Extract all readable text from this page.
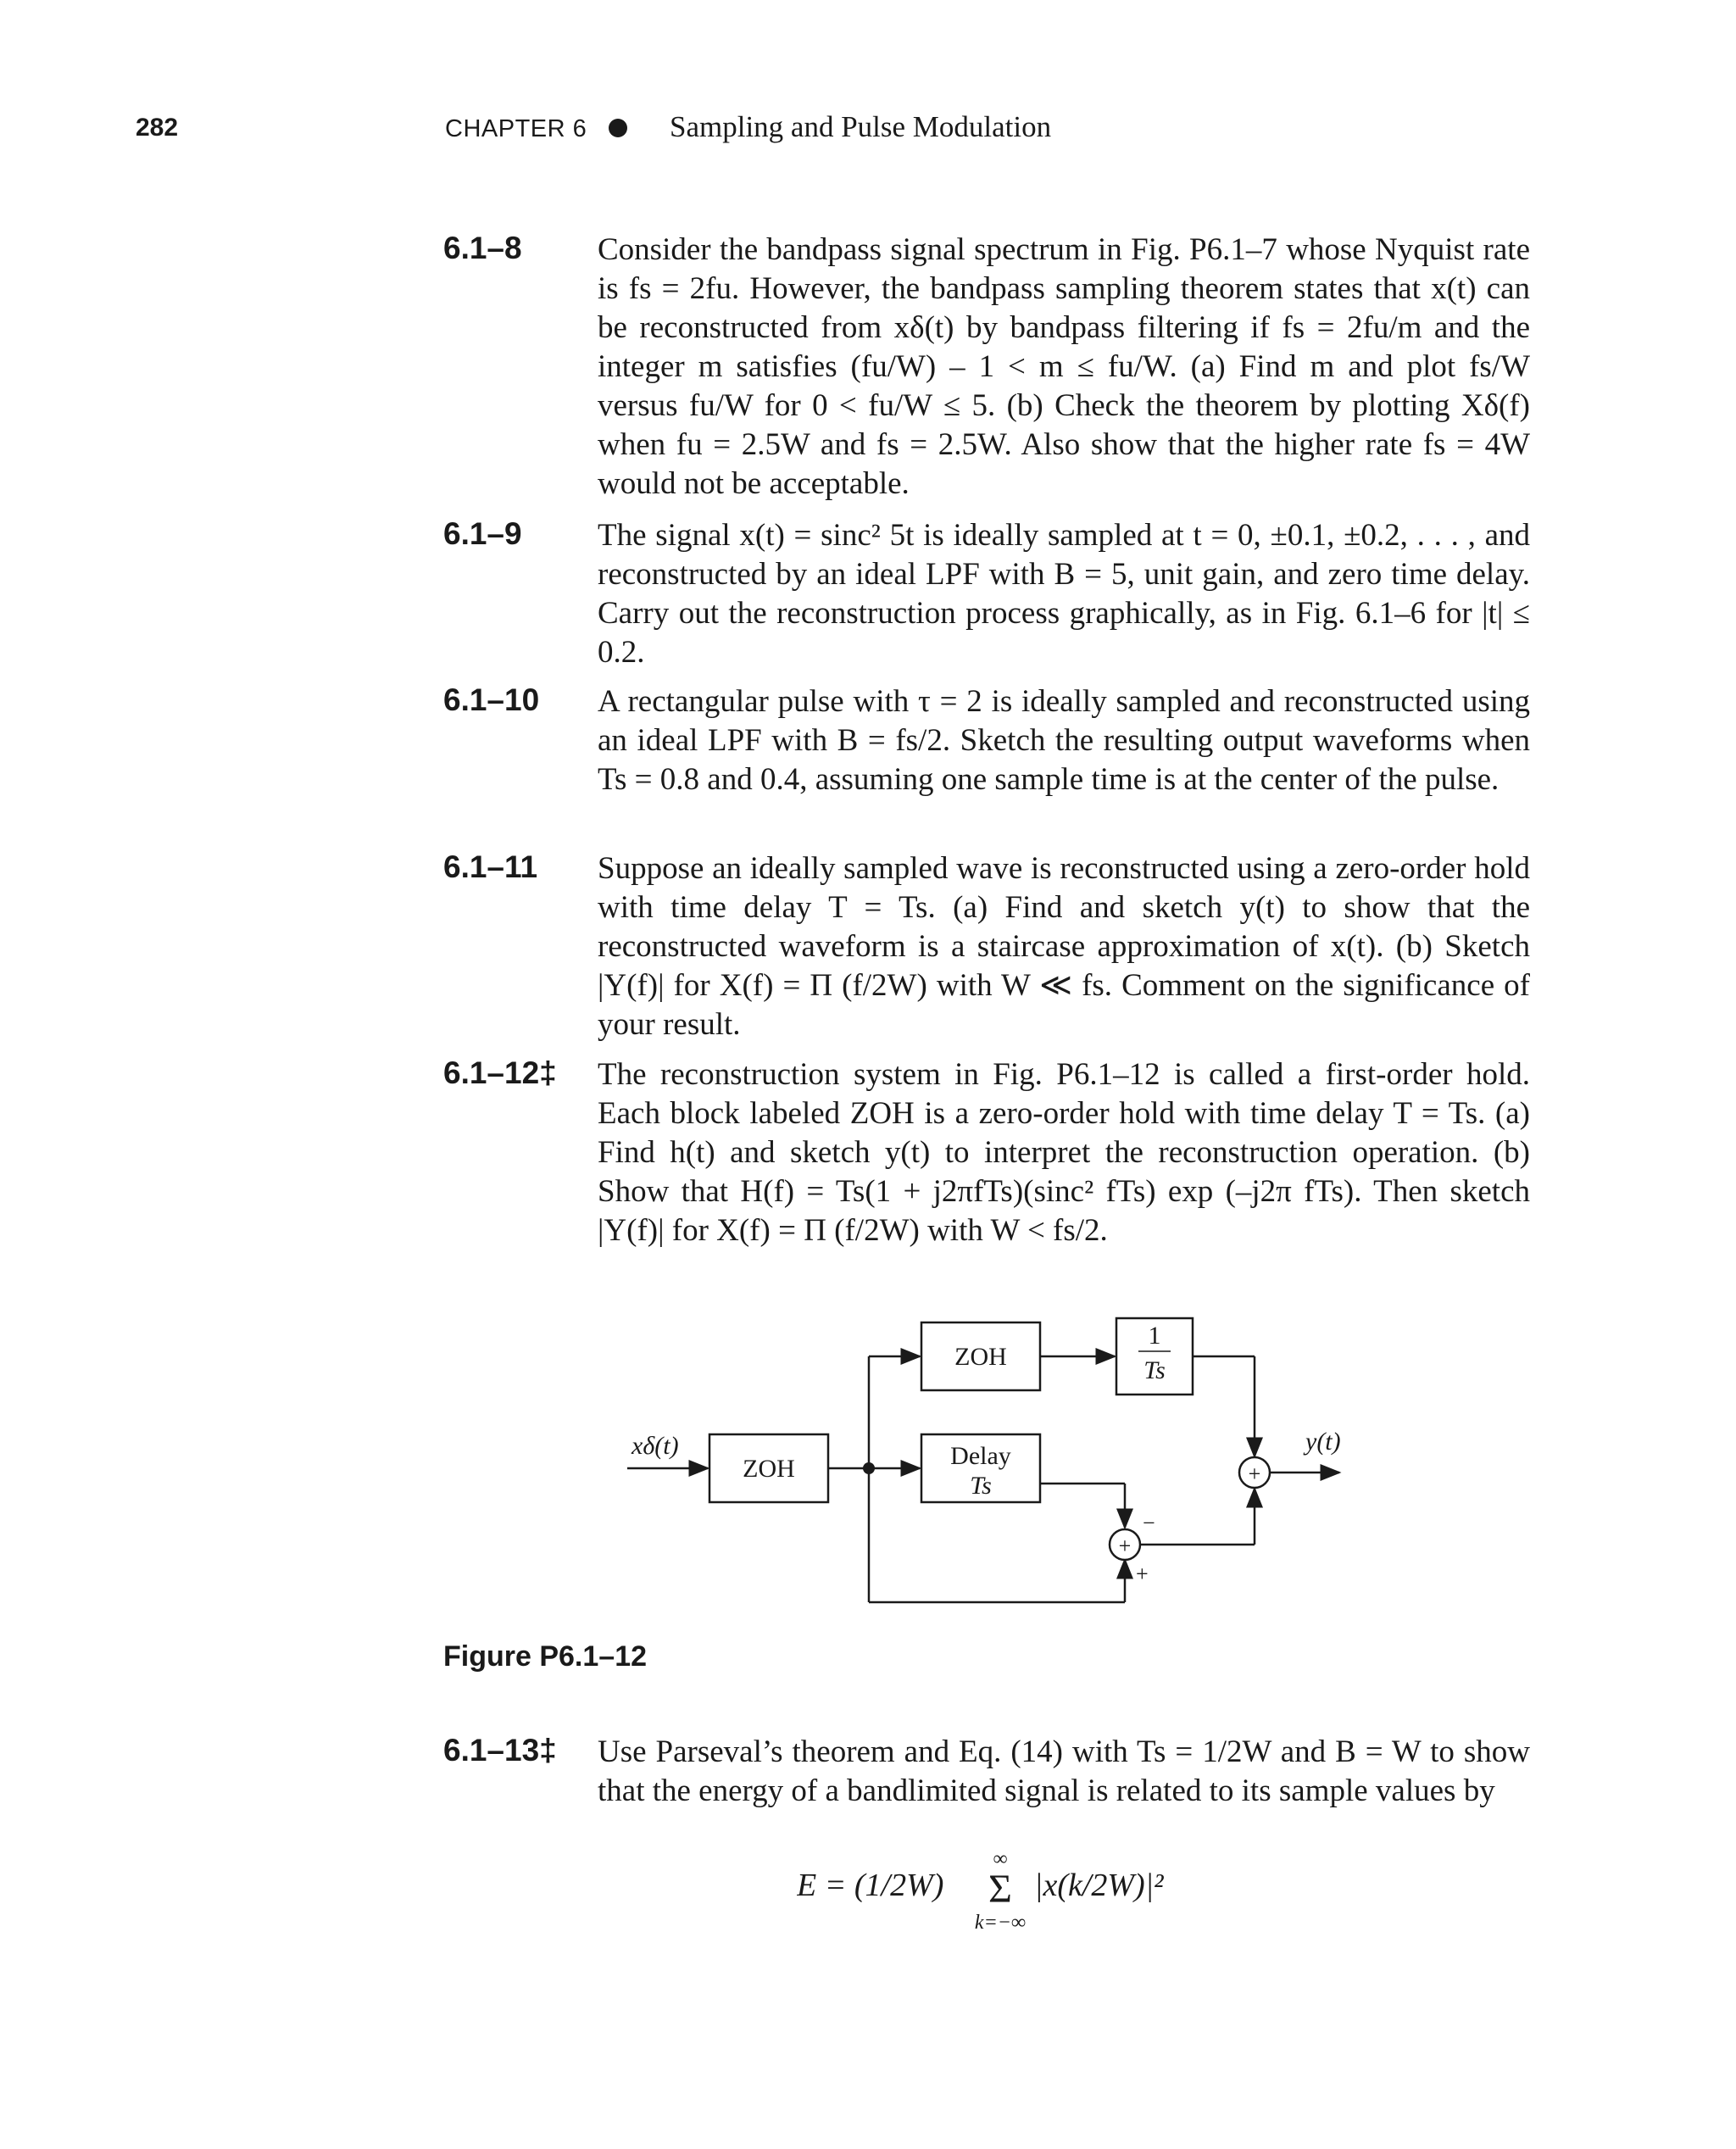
282	CHAPTER 6	Sampling and Pulse Modulation
6.1–8 Consider the bandpass signal spectrum in Fig. P6.1–7 whose Nyquist rate is fs = 2fu. However, the bandpass sampling theorem states that x(t) can be reconstructed from xδ(t) by bandpass filtering if fs = 2fu/m and the integer m satisfies (fu/W) – 1 < m ≤ fu/W. (a) Find m and plot fs/W versus fu/W for 0 < fu/W ≤ 5. (b) Check the theorem by plotting Xδ(f) when fu = 2.5W and fs = 2.5W. Also show that the higher rate fs = 4W would not be acceptable.

6.1–9 The signal x(t) = sinc² 5t is ideally sampled at t = 0, ±0.1, ±0.2, . . . , and reconstructed by an ideal LPF with B = 5, unit gain, and zero time delay. Carry out the reconstruction process graphically, as in Fig. 6.1–6 for |t| ≤ 0.2.

6.1–10 A rectangular pulse with τ = 2 is ideally sampled and reconstructed using an ideal LPF with B = fs/2. Sketch the resulting output waveforms when Ts = 0.8 and 0.4, assuming one sample time is at the center of the pulse.

6.1–11 Suppose an ideally sampled wave is reconstructed using a zero-order hold with time delay T = Ts. (a) Find and sketch y(t) to show that the reconstructed waveform is a staircase approximation of x(t). (b) Sketch |Y(f)| for X(f) = Π (f/2W) with W ≪ fs. Comment on the significance of your result.

6.1–12‡ The reconstruction system in Fig. P6.1–12 is called a first-order hold. Each block labeled ZOH is a zero-order hold with time delay T = Ts. (a) Find h(t) and sketch y(t) to interpret the reconstruction operation. (b) Show that H(f) = Ts(1 + j2πfTs)(sinc² fTs) exp (–j2π fTs). Then sketch |Y(f)| for X(f) = Π (f/2W) with W < fs/2.

xδ(t)
ZOH
ZOH
Delay
Ts
1
Ts
+
+
−
+
y(t)
Figure P6.1–12
6.1–13‡ Use Parseval’s theorem and Eq. (14) with Ts = 1/2W and B = W to show that the energy of a bandlimited signal is related to its sample values by

E = (1/2W)
∞
Σ
k=−∞
|x(k/2W)|²
